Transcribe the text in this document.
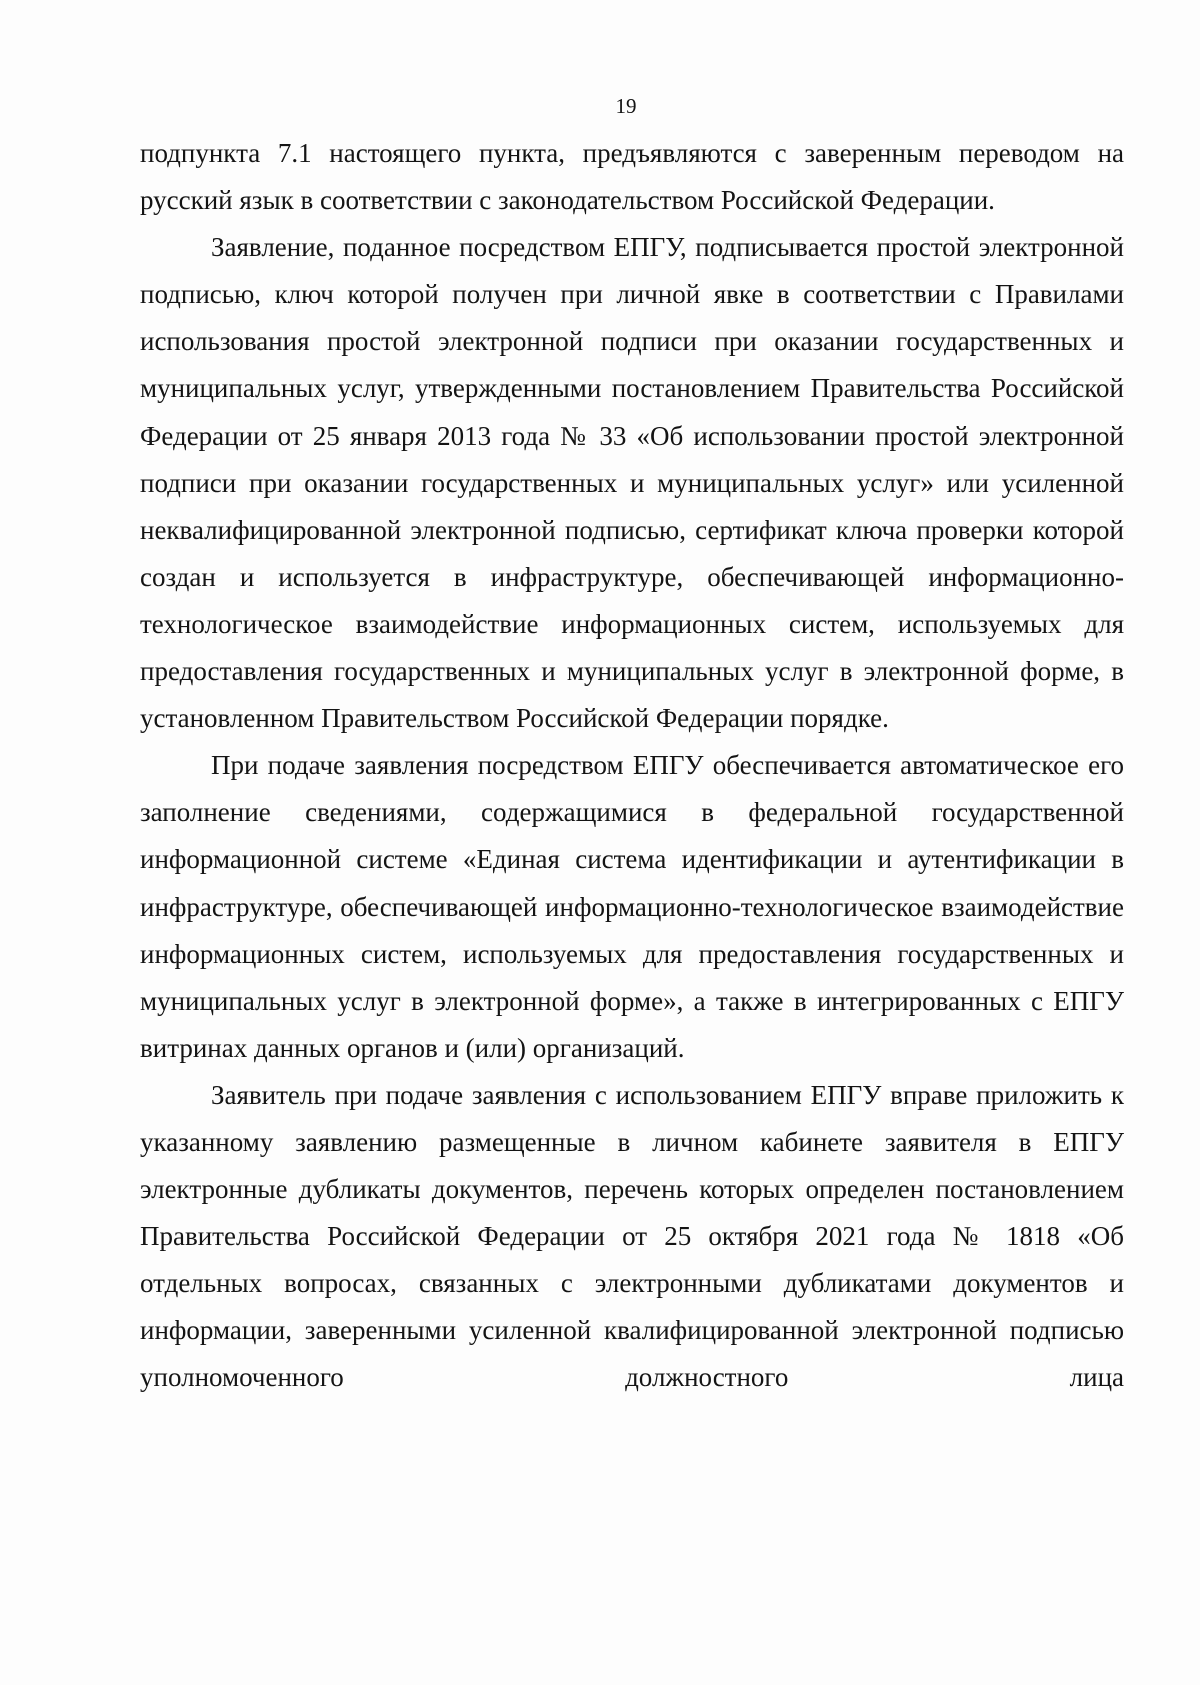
19

подпункта 7.1 настоящего пункта, предъявляются с заверенным переводом на русский язык в соответствии с законодательством Российской Федерации.

Заявление, поданное посредством ЕПГУ, подписывается простой электронной подписью, ключ которой получен при личной явке в соответствии с Правилами использования простой электронной подписи при оказании государственных и муниципальных услуг, утвержденными постановлением Правительства Российской Федерации от 25 января 2013 года № 33 «Об использовании простой электронной подписи при оказании государственных и муниципальных услуг» или усиленной неквалифицированной электронной подписью, сертификат ключа проверки которой создан и используется в инфраструктуре, обеспечивающей информационно-технологическое взаимодействие информационных систем, используемых для предоставления государственных и муниципальных услуг в электронной форме, в установленном Правительством Российской Федерации порядке.

При подаче заявления посредством ЕПГУ обеспечивается автоматическое его заполнение сведениями, содержащимися в федеральной государственной информационной системе «Единая система идентификации и аутентификации в инфраструктуре, обеспечивающей информационно-технологическое взаимодействие информационных систем, используемых для предоставления государственных и муниципальных услуг в электронной форме», а также в интегрированных с ЕПГУ витринах данных органов и (или) организаций.

Заявитель при подаче заявления с использованием ЕПГУ вправе приложить к указанному заявлению размещенные в личном кабинете заявителя в ЕПГУ электронные дубликаты документов, перечень которых определен постановлением Правительства Российской Федерации от 25 октября 2021 года № 1818 «Об отдельных вопросах, связанных с электронными дубликатами документов и информации, заверенными усиленной квалифицированной электронной подписью уполномоченного должностного лица
